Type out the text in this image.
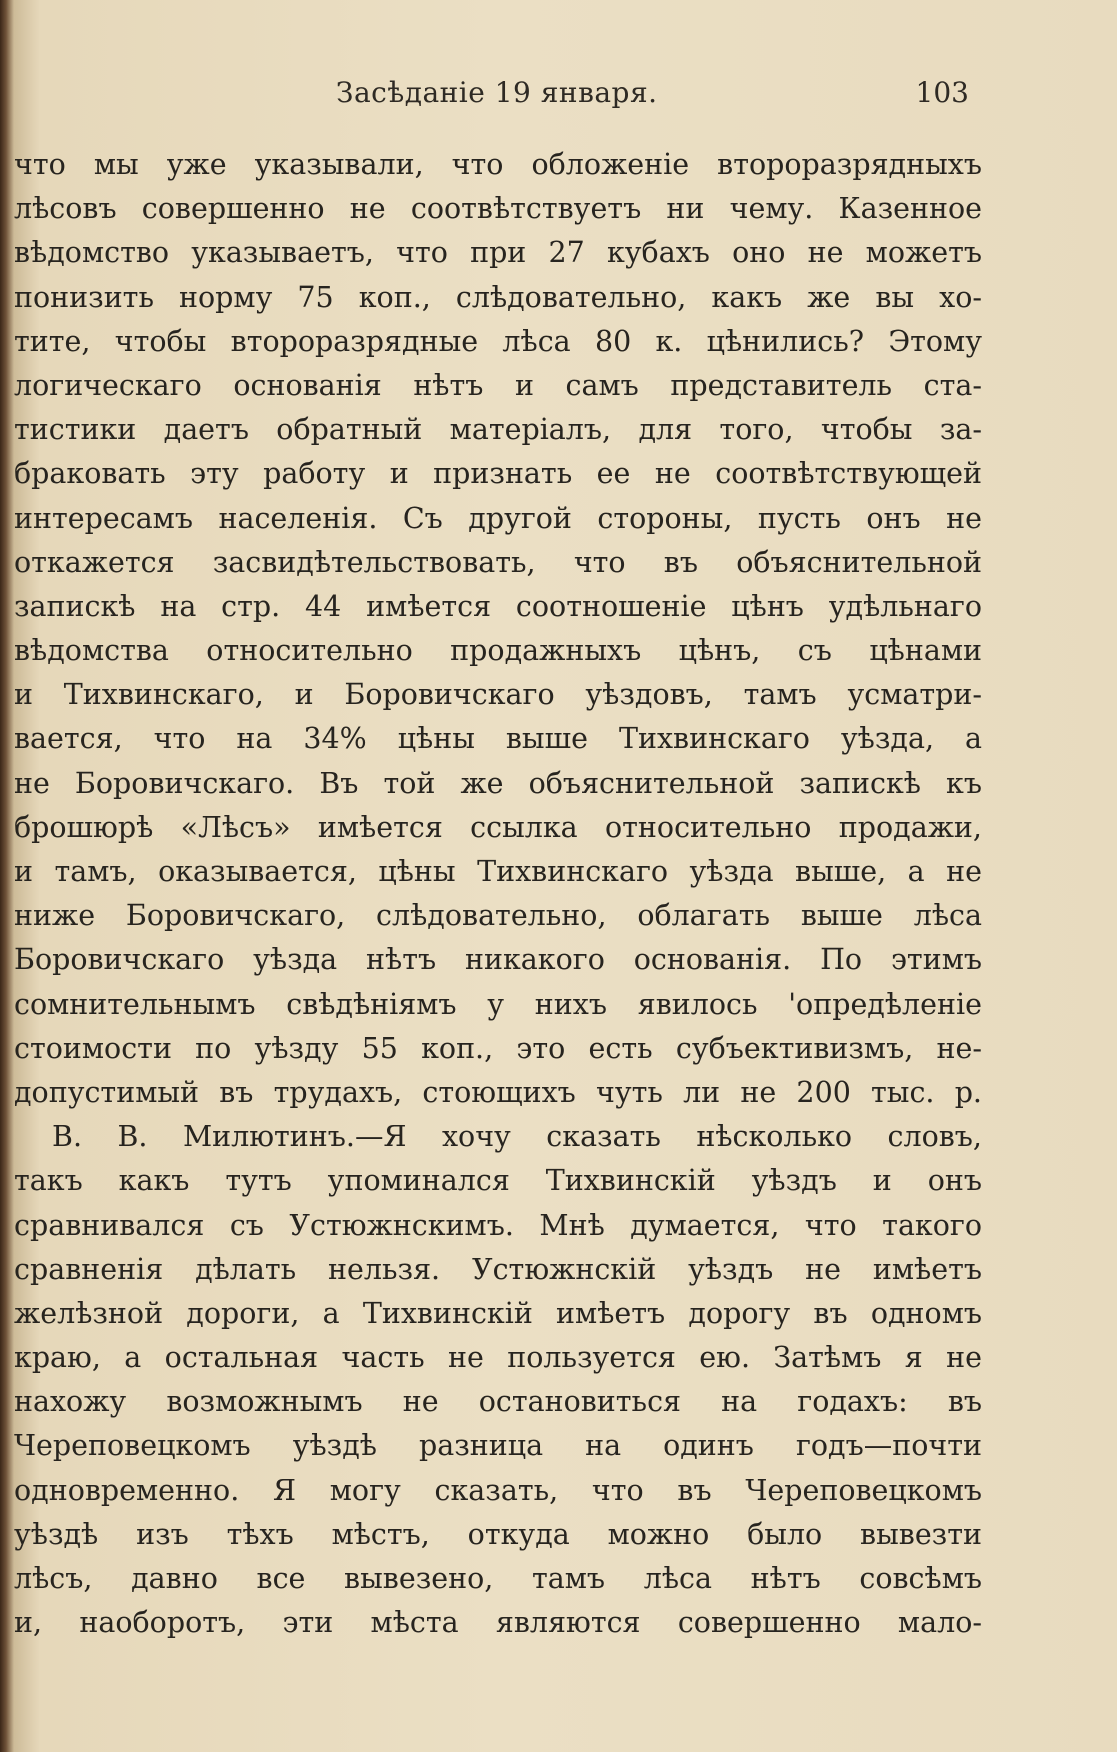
Засѣданіе 19 января.	103
что мы уже указывали, что обложеніе второразрядныхъ
лѣсовъ совершенно не соотвѣтствуетъ ни чему. Казенное
вѣдомство указываетъ, что при 27 кубахъ оно не можетъ
понизить норму 75 коп., слѣдовательно, какъ же вы хо-
тите, чтобы второразрядные лѣса 80 к. цѣнились? Этому
логическаго основанія нѣтъ и самъ представитель ста-
тистики даетъ обратный матеріалъ, для того, чтобы за-
браковать эту работу и признать ее не соотвѣтствующей
интересамъ населенія. Съ другой стороны, пусть онъ не
откажется засвидѣтельствовать, что въ объяснительной
запискѣ на стр. 44 имѣется соотношеніе цѣнъ удѣльнаго
вѣдомства относительно продажныхъ цѣнъ, съ цѣнами
и Тихвинскаго, и Боровичскаго уѣздовъ, тамъ усматри-
вается, что на 34% цѣны выше Тихвинскаго уѣзда, а
не Боровичскаго. Въ той же объяснительной запискѣ къ
брошюрѣ «Лѣсъ» имѣется ссылка относительно продажи,
и тамъ, оказывается, цѣны Тихвинскаго уѣзда выше, а не
ниже Боровичскаго, слѣдовательно, облагать выше лѣса
Боровичскаго уѣзда нѣтъ никакого основанія. По этимъ
сомнительнымъ свѣдѣніямъ у нихъ явилось 'опредѣленіе
стоимости по уѣзду 55 коп., это есть субъективизмъ, не-
допустимый въ трудахъ, стоющихъ чуть ли не 200 тыс. р.
В. В. Милютинъ.—Я хочу сказать нѣсколько словъ,
такъ какъ тутъ упоминался Тихвинскій уѣздъ и онъ
сравнивался съ Устюжнскимъ. Мнѣ думается, что такого
сравненія дѣлать нельзя. Устюжнскій уѣздъ не имѣетъ
желѣзной дороги, а Тихвинскій имѣетъ дорогу въ одномъ
краю, а остальная часть не пользуется ею. Затѣмъ я не
нахожу возможнымъ не остановиться на годахъ: въ
Череповецкомъ уѣздѣ разница на одинъ годъ—почти
одновременно. Я могу сказать, что въ Череповецкомъ
уѣздѣ изъ тѣхъ мѣстъ, откуда можно было вывезти
лѣсъ, давно все вывезено, тамъ лѣса нѣтъ совсѣмъ
и, наоборотъ, эти мѣста являются совершенно мало-
